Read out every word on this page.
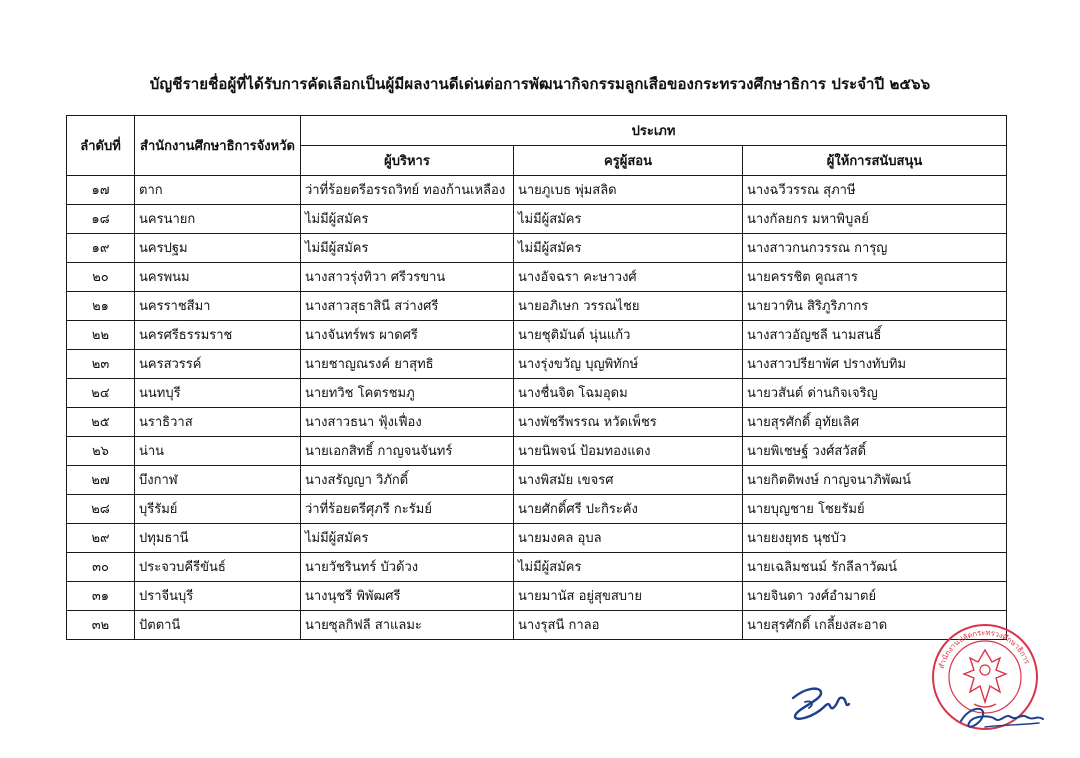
บัญชีรายชื่อผู้ที่ได้รับการคัดเลือกเป็นผู้มีผลงานดีเด่นต่อการพัฒนากิจกรรมลูกเสือของกระทรวงศึกษาธิการ ประจำปี ๒๕๖๖
ลำดับที่	สำนักงานศึกษาธิการจังหวัด	ประเภท		
		ผู้บริหาร	ครูผู้สอน	ผู้ให้การสนับสนุน
๑๗	ตาก	ว่าที่ร้อยตรีอรรถวิทย์ ทองก้านเหลือง	นายภูเบธ พุ่มสลิด	นางฉวีวรรณ สุภาษี
๑๘	นครนายก	ไม่มีผู้สมัคร	ไม่มีผู้สมัคร	นางกัลยกร มหาพิบูลย์
๑๙	นครปฐม	ไม่มีผู้สมัคร	ไม่มีผู้สมัคร	นางสาวกนกวรรณ การุญ
๒๐	นครพนม	นางสาวรุ่งทิวา ศรีวรขาน	นางอัจฉรา คะษาวงศ์	นายครรชิต คูณสาร
๒๑	นครราชสีมา	นางสาวสุธาสินี สว่างศรี	นายอภิเษก วรรณไชย	นายวาทิน สิริภูริภากร
๒๒	นครศรีธรรมราช	นางจันทร์พร ผาดศรี	นายชุติมันต์ นุ่นแก้ว	นางสาวอัญชลี นามสนธิ์
๒๓	นครสวรรค์	นายชาญณรงค์ ยาสุทธิ	นางรุ่งขวัญ บุญพิทักษ์	นางสาวปรียาพัศ ปรางทับทิม
๒๔	นนทบุรี	นายทวิช โคตรชมภู	นางชื่นจิต โฉมอุดม	นายวสันต์ ด่านกิจเจริญ
๒๕	นราธิวาส	นางสาวธนา ฟุ้งเฟื่อง	นางพัชรีพรรณ หวัดเพ็ชร	นายสุรศักดิ์ อุทัยเลิศ
๒๖	น่าน	นายเอกสิทธิ์ กาญจนจันทร์	นายนิพจน์ ป้อมทองแดง	นายพิเชษฐ์ วงศ์สวัสดิ์
๒๗	บึงกาฬ	นางสรัญญา วิภักดิ์	นางพิสมัย เขจรศ	นายกิตติพงษ์ กาญจนาภิพัฒน์
๒๘	บุรีรัมย์	ว่าที่ร้อยตรีศุภรี กะรัมย์	นายศักดิ์ศรี ปะกิระคัง	นายบุญชาย โชยรัมย์
๒๙	ปทุมธานี	ไม่มีผู้สมัคร	นายมงคล อุบล	นายยงยุทธ นุชบัว
๓๐	ประจวบคีรีขันธ์	นายวัชรินทร์ บัวด้วง	ไม่มีผู้สมัคร	นายเฉลิมชนม์ รักลีลาวัฒน์
๓๑	ปราจีนบุรี	นางนุชรี พิพัฒศรี	นายมานัส อยู่สุขสบาย	นายจินดา วงศ์อำมาตย์
๓๒	ปัตตานี	นายซุลกิฟลี สาแลมะ	นางรุสนี กาลอ	นายสุรศักดิ์ เกลี้ยงสะอาด
สำนักงานปลัดกระทรวงศึกษาธิการ
